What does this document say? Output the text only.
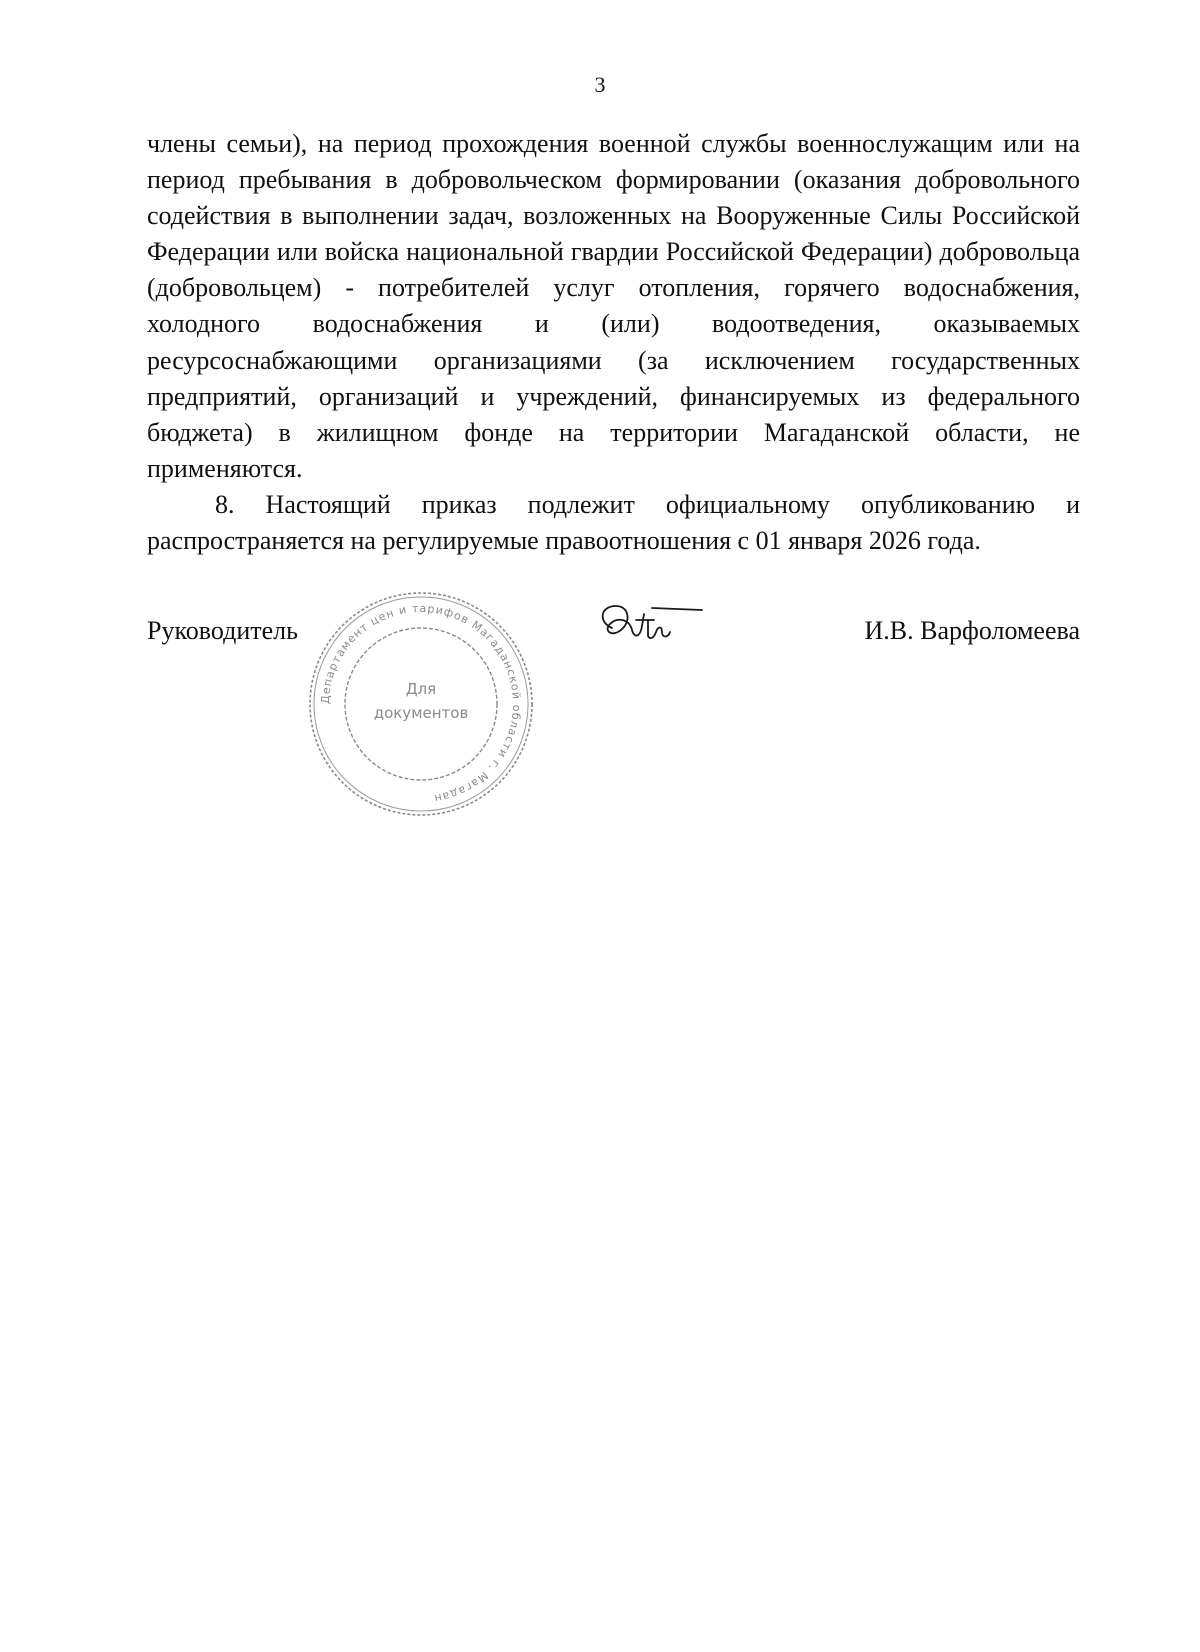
3

члены семьи), на период прохождения военной службы военнослужащим или на период пребывания в добровольческом формировании (оказания добровольного содействия в выполнении задач, возложенных на Вооруженные Силы Российской Федерации или войска национальной гвардии Российской Федерации) добровольца (добровольцем) - потребителей услуг отопления, горячего водоснабжения, холодного водоснабжения и (или) водоотведения, оказываемых ресурсоснабжающими организациями (за исключением государственных предприятий, организаций и учреждений, финансируемых из федерального бюджета) в жилищном фонде на территории Магаданской области, не применяются.

8. Настоящий приказ подлежит официальному опубликованию и распространяется на регулируемые правоотношения с 01 января 2026 года.

Руководитель
Департамент цен и тарифов Магаданской области г. Магадан
Для
документов
И.В. Варфоломеева
